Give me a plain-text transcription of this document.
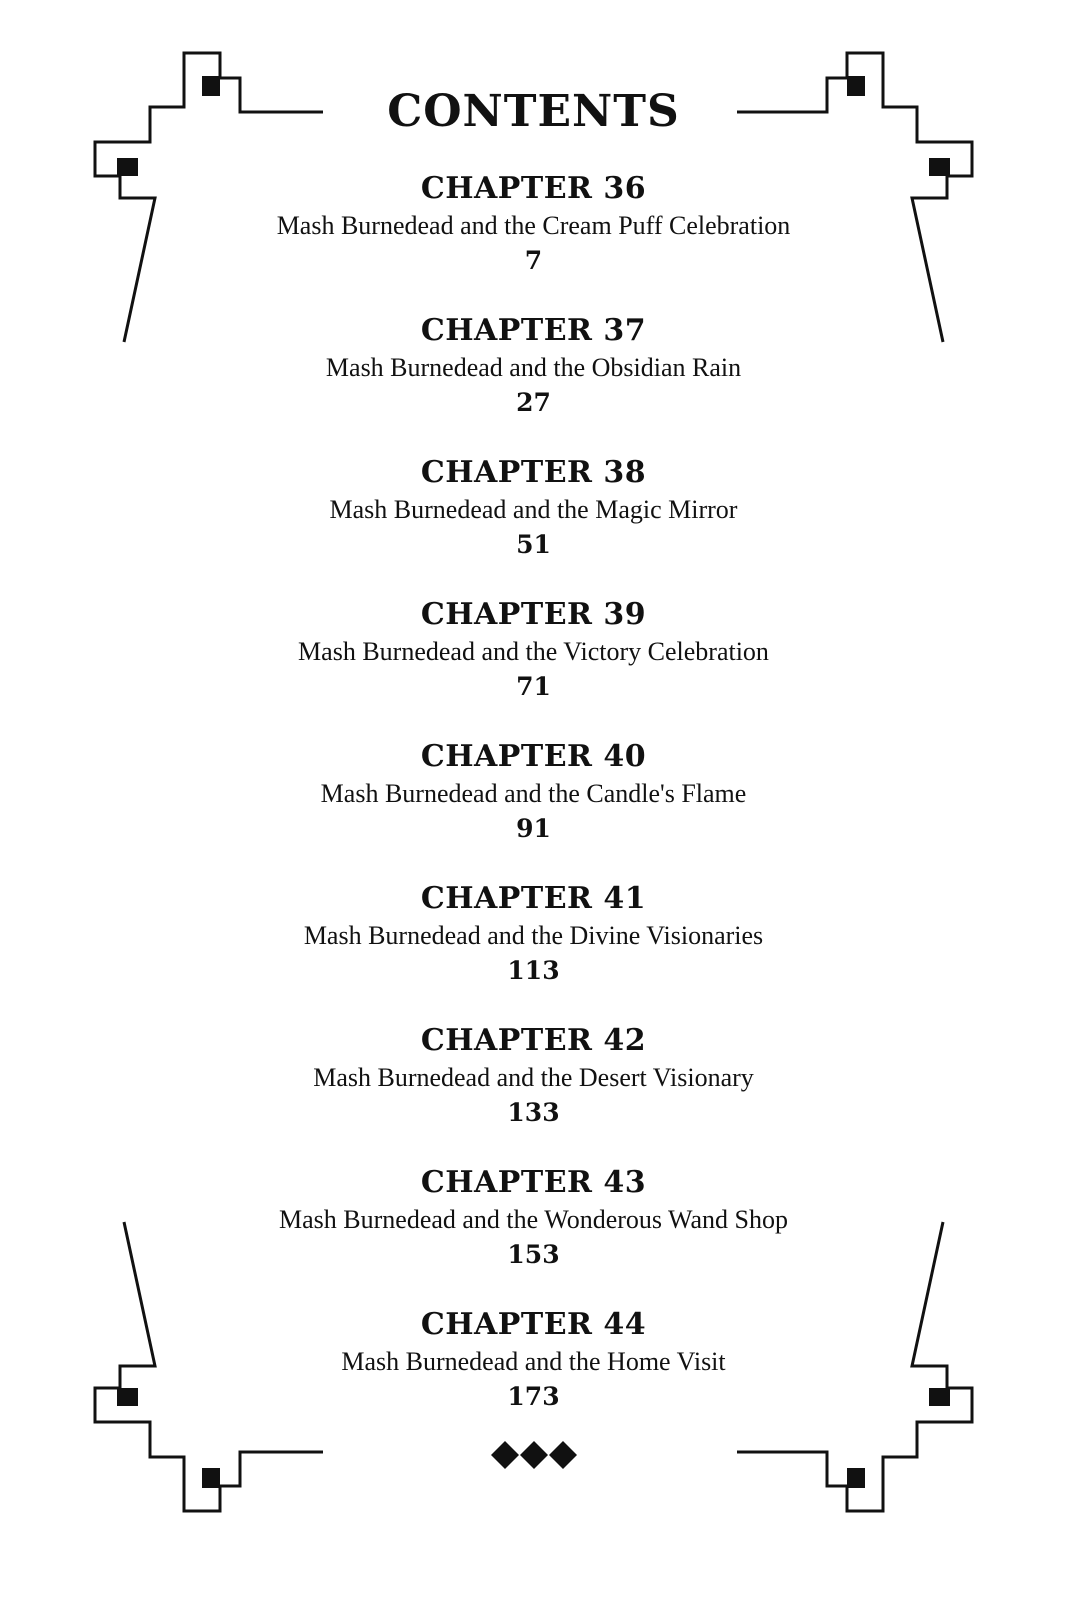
CONTENTS
CHAPTER 36
Mash Burnedead and the Cream Puff Celebration
7
CHAPTER 37
Mash Burnedead and the Obsidian Rain
27
CHAPTER 38
Mash Burnedead and the Magic Mirror
51
CHAPTER 39
Mash Burnedead and the Victory Celebration
71
CHAPTER 40
Mash Burnedead and the Candle's Flame
91
CHAPTER 41
Mash Burnedead and the Divine Visionaries
113
CHAPTER 42
Mash Burnedead and the Desert Visionary
133
CHAPTER 43
Mash Burnedead and the Wonderous Wand Shop
153
CHAPTER 44
Mash Burnedead and the Home Visit
173
